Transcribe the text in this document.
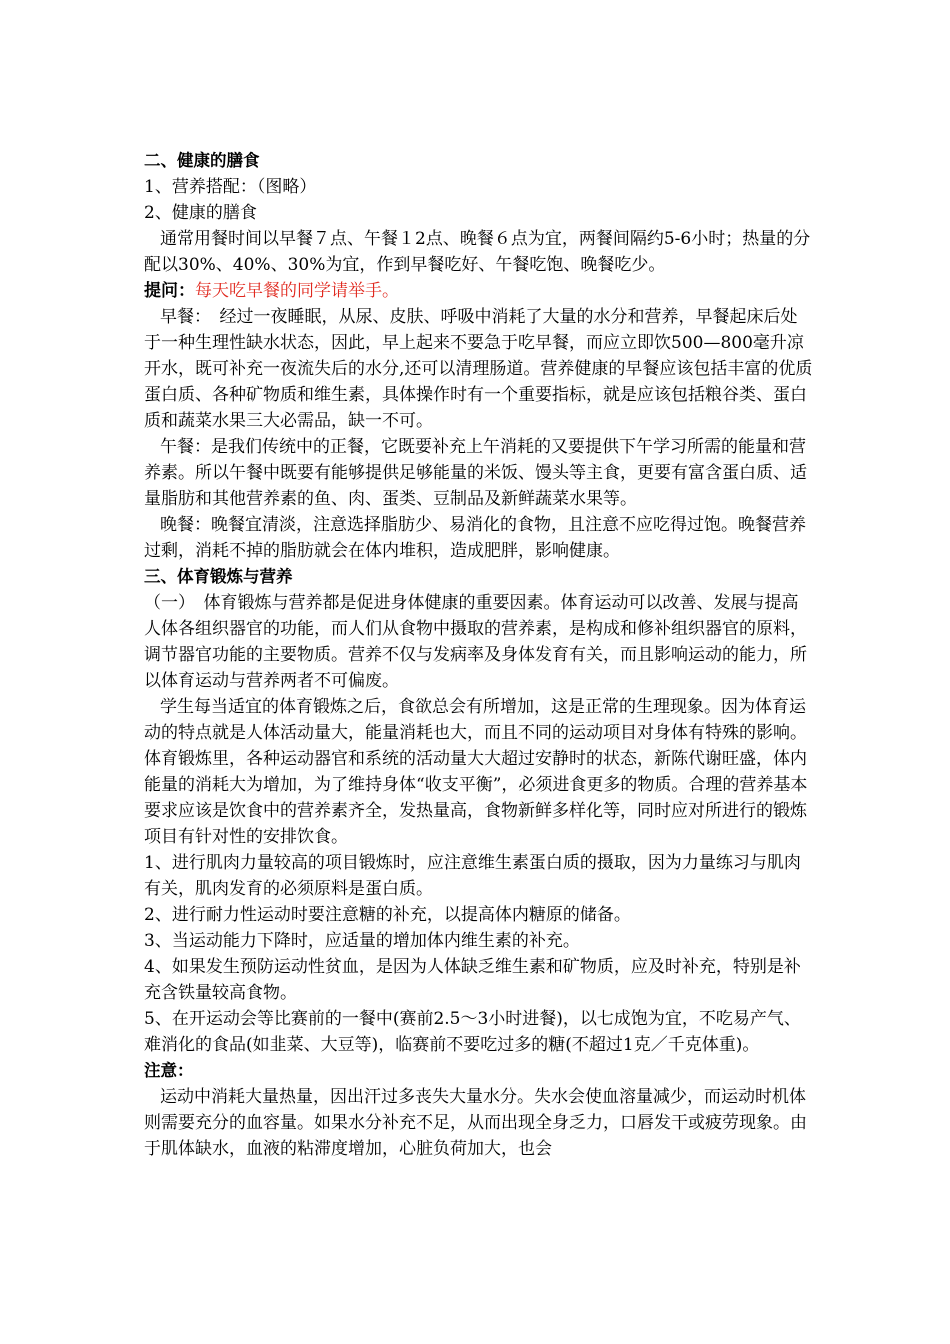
二、健康的膳食

1、营养搭配：（图略）

2、健康的膳食

通常用餐时间以早餐７点、午餐１2点、晚餐６点为宜，两餐间隔约5-6小时；热量的分配以30%、40%、30%为宜，作到早餐吃好、午餐吃饱、晚餐吃少。

提问：每天吃早餐的同学请举手。

早餐：　经过一夜睡眠，从尿、皮肤、呼吸中消耗了大量的水分和营养，早餐起床后处于一种生理性缺水状态，因此，早上起来不要急于吃早餐，而应立即饮500—800毫升凉开水，既可补充一夜流失后的水分,还可以清理肠道。营养健康的早餐应该包括丰富的优质蛋白质、各种矿物质和维生素，具体操作时有一个重要指标，就是应该包括粮谷类、蛋白质和蔬菜水果三大必需品，缺一不可。

午餐：是我们传统中的正餐，它既要补充上午消耗的又要提供下午学习所需的能量和营养素。所以午餐中既要有能够提供足够能量的米饭、馒头等主食，更要有富含蛋白质、适量脂肪和其他营养素的鱼、肉、蛋类、豆制品及新鲜蔬菜水果等。

晚餐：晚餐宜清淡，注意选择脂肪少、易消化的食物，且注意不应吃得过饱。晚餐营养过剩，消耗不掉的脂肪就会在体内堆积，造成肥胖，影响健康。

三、体育锻炼与营养

（一）　体育锻炼与营养都是促进身体健康的重要因素。体育运动可以改善、发展与提高人体各组织器官的功能，而人们从食物中摄取的营养素，是构成和修补组织器官的原料，调节器官功能的主要物质。营养不仅与发病率及身体发育有关，而且影响运动的能力，所以体育运动与营养两者不可偏废。

学生每当适宜的体育锻炼之后，食欲总会有所增加，这是正常的生理现象。因为体育运动的特点就是人体活动量大，能量消耗也大，而且不同的运动项目对身体有特殊的影响。体育锻炼里，各种运动器官和系统的活动量大大超过安静时的状态，新陈代谢旺盛，体内能量的消耗大为增加，为了维持身体“收支平衡”，必须进食更多的物质。合理的营养基本要求应该是饮食中的营养素齐全，发热量高，食物新鲜多样化等，同时应对所进行的锻炼项目有针对性的安排饮食。

1、进行肌肉力量较高的项目锻炼时，应注意维生素蛋白质的摄取，因为力量练习与肌肉有关，肌肉发育的必须原料是蛋白质。

2、进行耐力性运动时要注意糖的补充，以提高体内糖原的储备。

3、当运动能力下降时，应适量的增加体内维生素的补充。

4、如果发生预防运动性贫血，是因为人体缺乏维生素和矿物质，应及时补充，特别是补充含铁量较高食物。

5、在开运动会等比赛前的一餐中(赛前2.5～3小时进餐)，以七成饱为宜，不吃易产气、难消化的食品(如韭菜、大豆等)，临赛前不要吃过多的糖(不超过1克／千克体重)。

注意：

运动中消耗大量热量，因出汗过多丧失大量水分。失水会使血溶量减少，而运动时机体则需要充分的血容量。如果水分补充不足，从而出现全身乏力，口唇发干或疲劳现象。由于肌体缺水，血液的粘滞度增加，心脏负荷加大，也会
